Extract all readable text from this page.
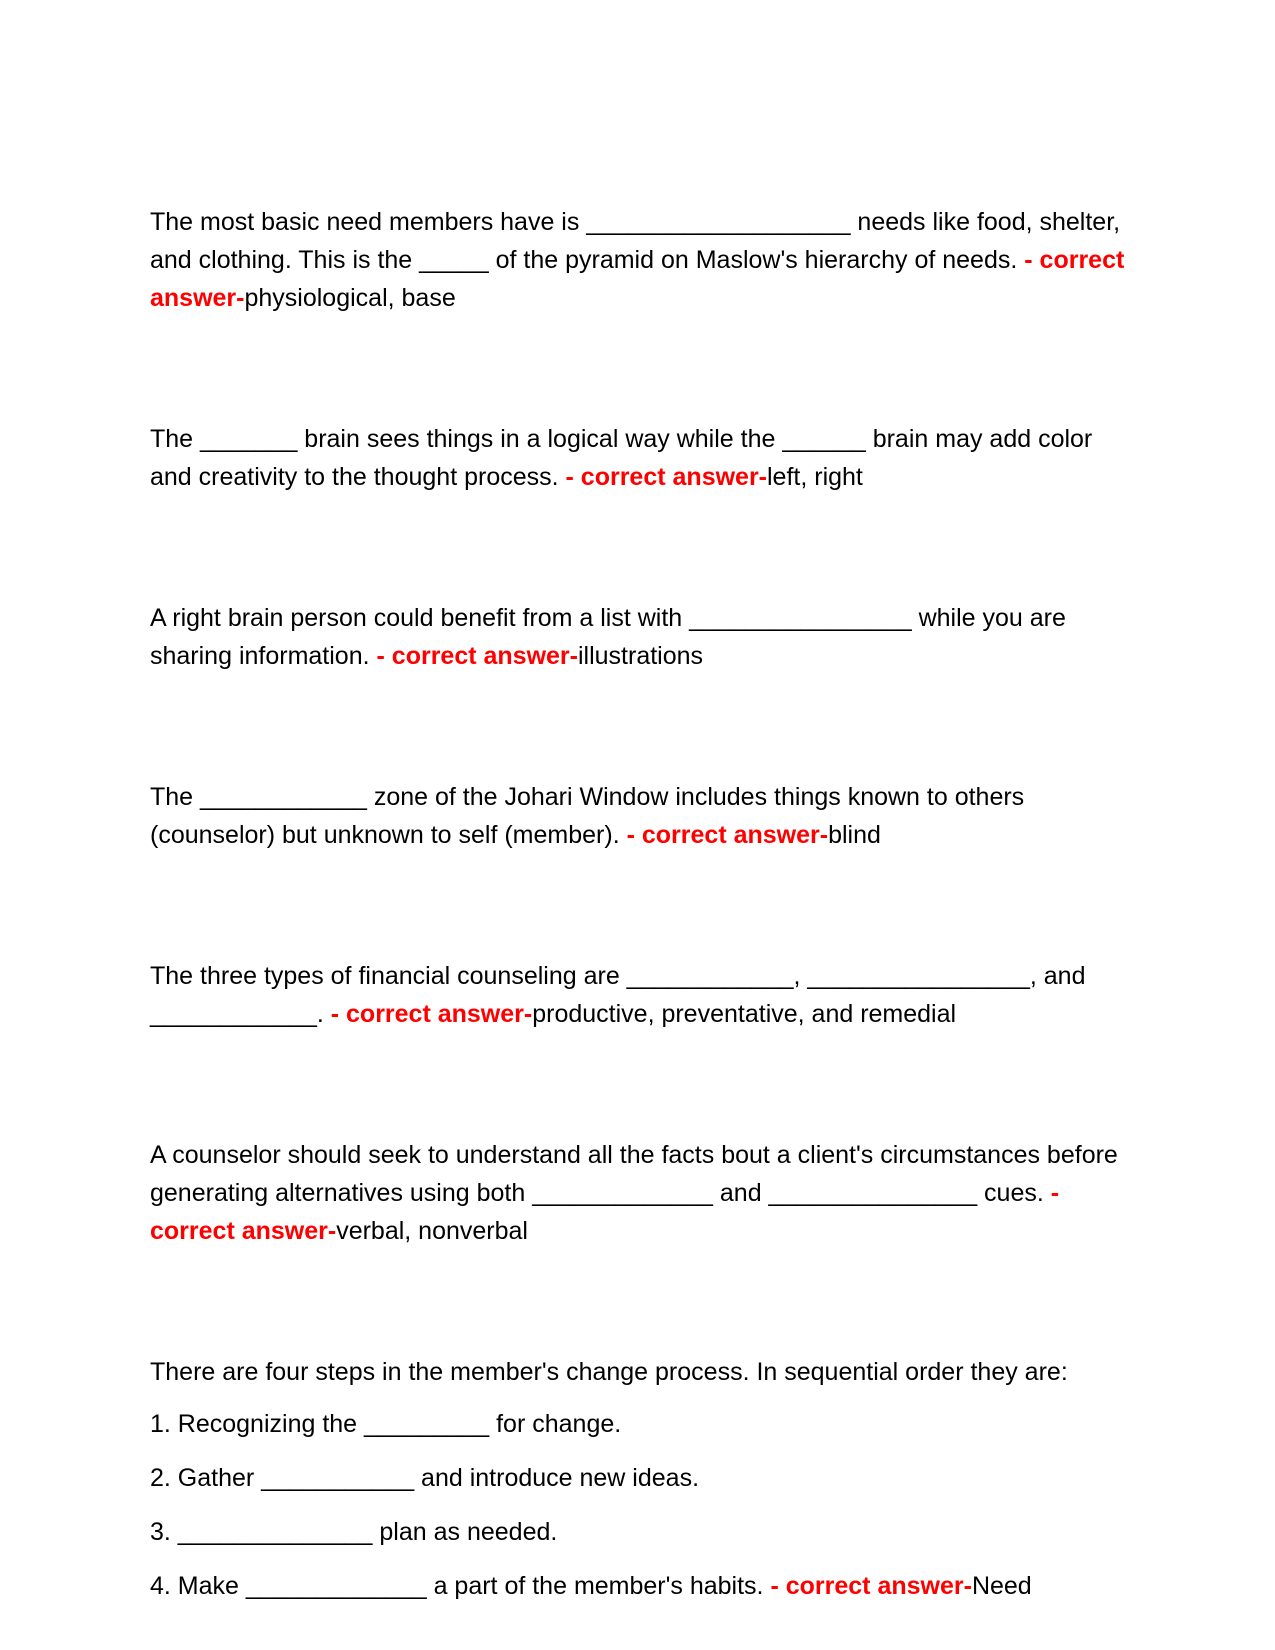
The most basic need members have is ___________________ needs like food, shelter, and clothing. This is the _____ of the pyramid on Maslow's hierarchy of needs. - correct answer-physiological, base

The _______ brain sees things in a logical way while the ______ brain may add color and creativity to the thought process. - correct answer-left, right

A right brain person could benefit from a list with ________________ while you are sharing information. - correct answer-illustrations

The ____________ zone of the Johari Window includes things known to others (counselor) but unknown to self (member). - correct answer-blind

The three types of financial counseling are ____________, ________________, and ____________. - correct answer-productive, preventative, and remedial

A counselor should seek to understand all the facts bout a client's circumstances before generating alternatives using both _____________ and _______________ cues. - correct answer-verbal, nonverbal

There are four steps in the member's change process. In sequential order they are:
1. Recognizing the _________ for change.
2. Gather ___________ and introduce new ideas.
3. ______________ plan as needed.
4. Make _____________ a part of the member's habits. - correct answer-Need
